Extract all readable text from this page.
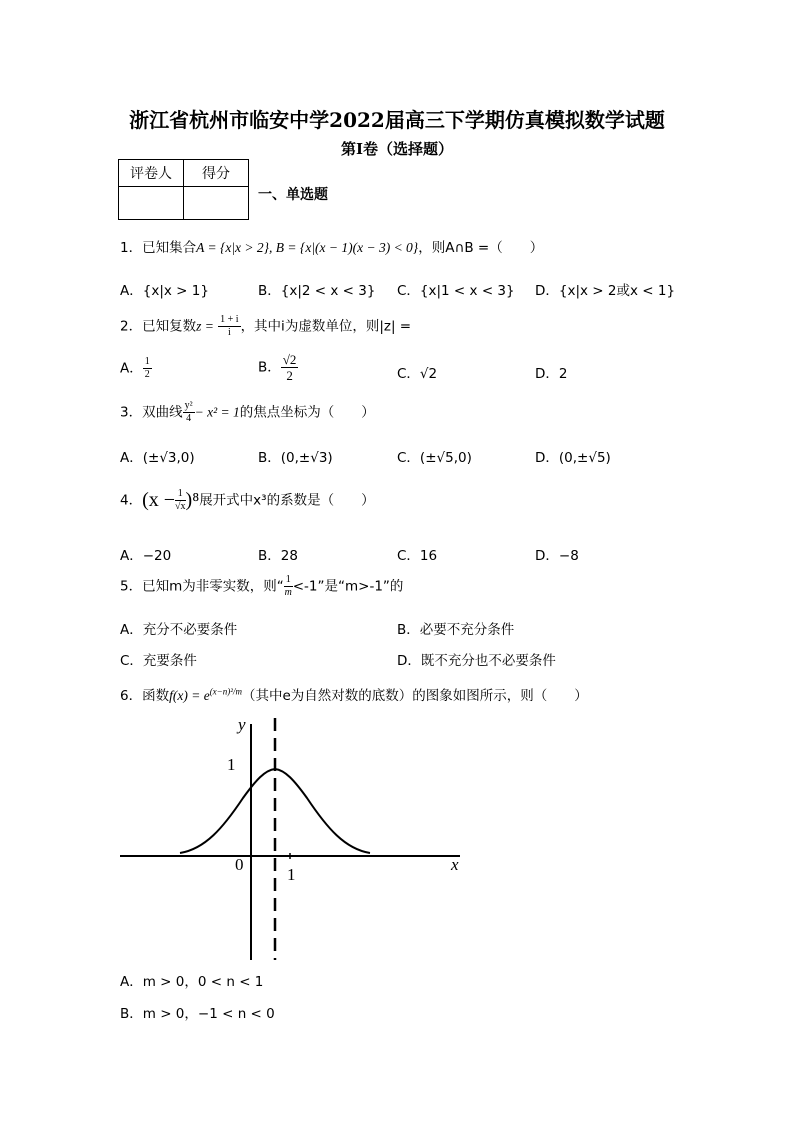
浙江省杭州市临安中学2022届高三下学期仿真模拟数学试题
第I卷（选择题）
评卷人	得分

一、单选题
1．已知集合A = {x|x > 2}, B = {x|(x − 1)(x − 3) < 0}，则A∩B =（　　）
A．{x|x > 1}	B．{x|2 < x < 3} C．{x|1 < x < 3} D．{x|x > 2或x < 1}
2．已知复数$z = \frac{1 + i}{i}$ ，其中i为虚数单位，则|z| =
A． $\frac{1}{2}$	B． $\frac{√2}{2}$	C．√2	D．2
3．双曲线 $\frac{\text{y²}}{4} - x^2 = 1$的焦点坐标为（　　）
A．(±√3,0)	B．(0,±√3)	C．(±√5,0)	D．(0,±√5)
4．$(x - \frac{1}{√x} )^8$展开式中x³的系数是（　　）
A．−20	B．28	C．16	D．−8
5．已知m为非零实数，则“ $\frac{1}{m} <-1$”是“m>-1”的
A．充分不必要条件	B．必要不充分条件
C．充要条件	D．既不充分也不必要条件
6．函数$f(x) = e^{(x-n)^2/m}$（其中e为自然对数的底数）的图象如图所示，则（　　）
y
x
0
1
1
A．m > 0，0 < n < 1
B．m > 0，−1 < n < 0
